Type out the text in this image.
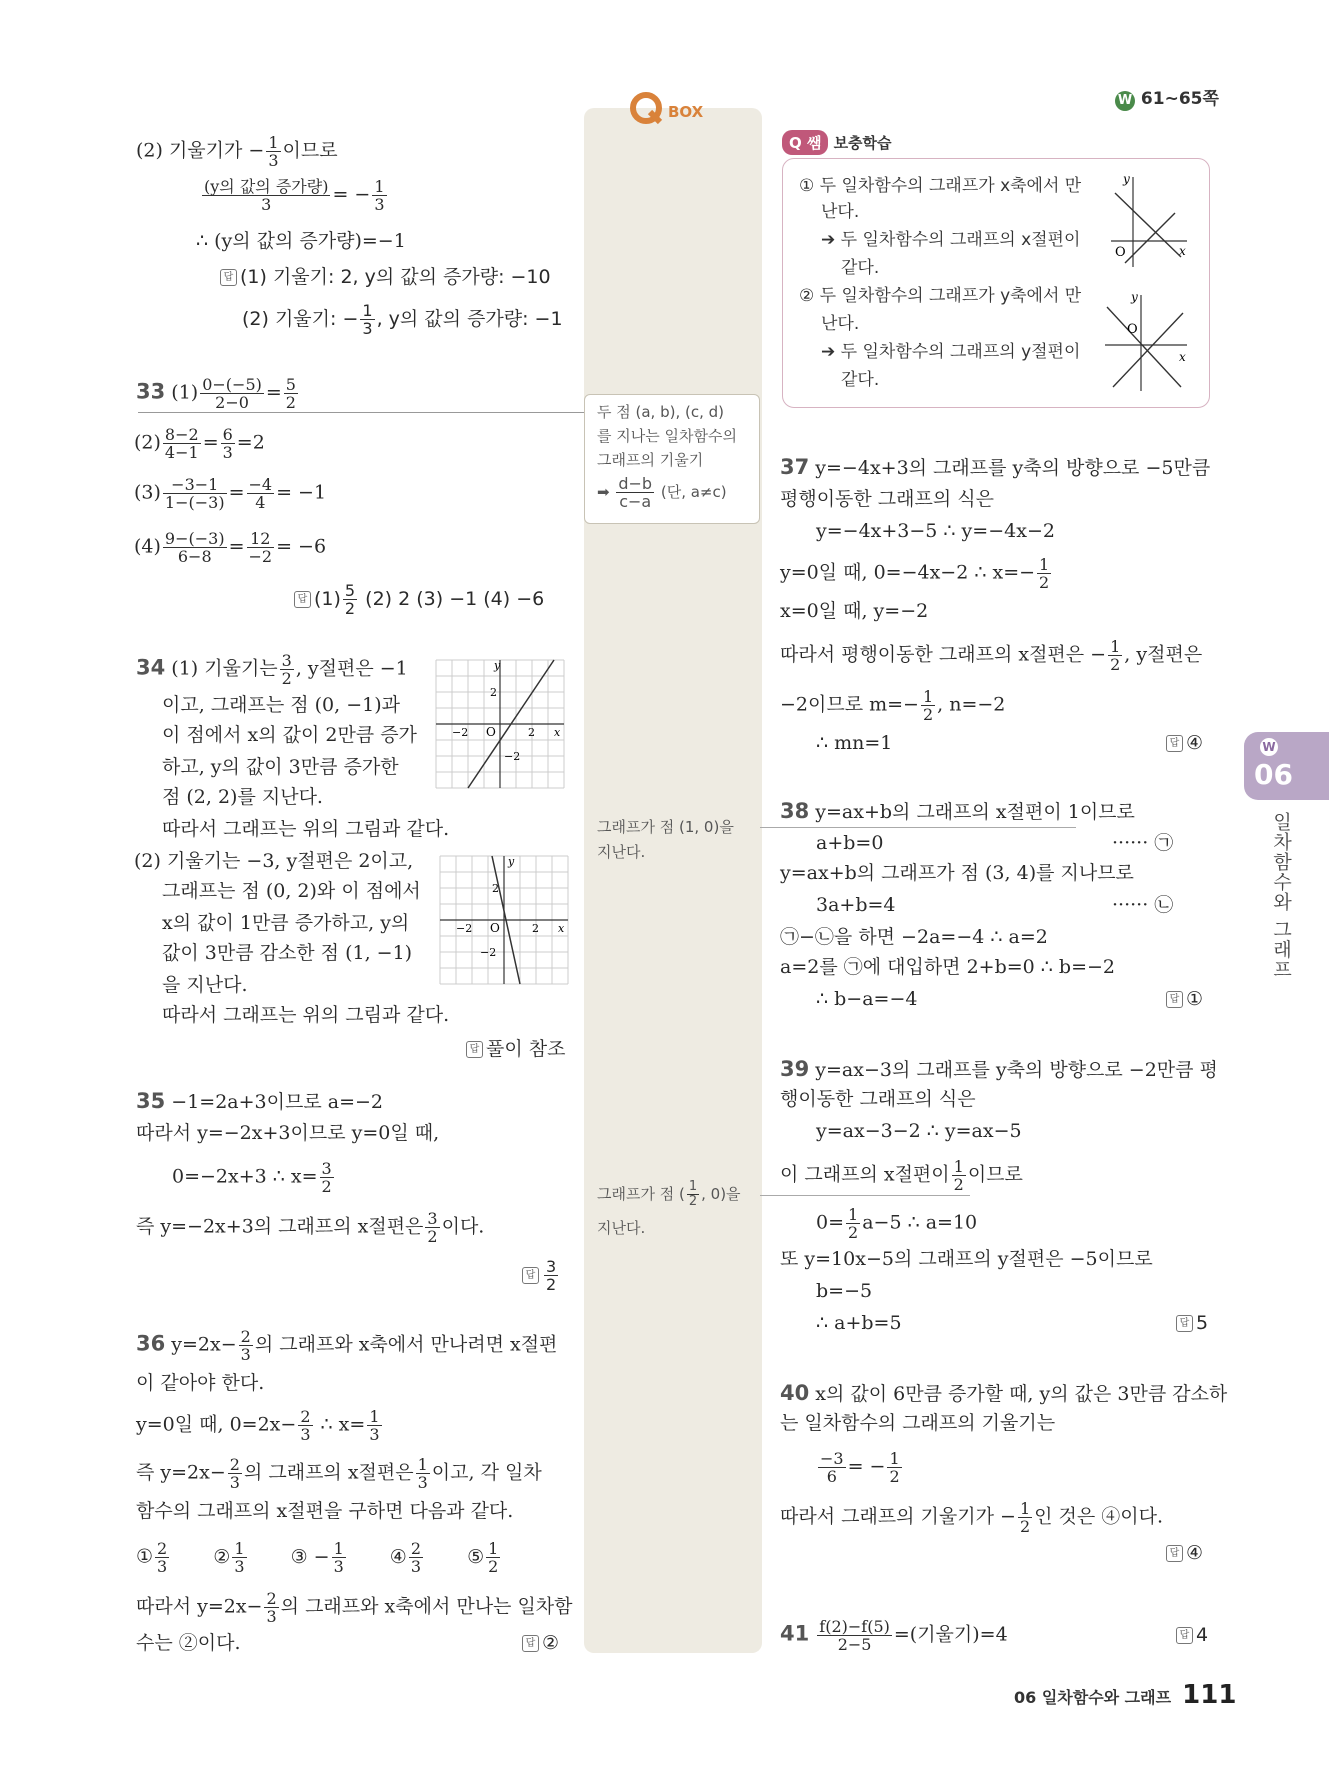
W 61~65쪽
BOX
두 점 (a, b), (c, d)
를 지나는 일차함수의
그래프의 기울기
➡ $\frac{d-b}{c-a}$ (단, a≠c)
그래프가 점 (1, 0)을
지난다.
그래프가 점 ( $\frac{1}{2}$ , 0)을
지난다.
Q 쌤 보충학습
① 두 일차함수의 그래프가 x축에서 만
난다.
➔ 두 일차함수의 그래프의 x절편이
같다.
② 두 일차함수의 그래프가 y축에서 만
난다.
➔ 두 일차함수의 그래프의 y절편이
같다.
O	x
y
O
x
y
W
06
일차함수와 그래프
(2) 기울기가 − $\frac{1}{3}$ 이므로
$\frac{\text{(y의 값의 증가량)}}{3}$ = − $\frac{1}{3}$
∴ (y의 값의 증가량)=−1
답 (1) 기울기: 2, y의 값의 증가량: −10
(2) 기울기: − $\frac{1}{3}$ , y의 값의 증가량: −1
33 $(1) \frac{0-(-5)}{2-0} = \frac{5}{2}$
$(2) \frac{8-2}{4-1} = \frac{6}{3} =2$
$(3) \frac{-3-1}{1-(-3)} = \frac{-4}{4} = -1$
$(4) \frac{9-(-3)}{6-8} = \frac{12}{-2} = -6$
답 $(1) \frac{5}{2} (2)$ 2 (3) −1 (4) −6
34 (1) 기울기는 $\frac{3}{2}$ , y절편은 −1
이고, 그래프는 점 (0, −1)과
이 점에서 x의 값이 2만큼 증가
하고, y의 값이 3만큼 증가한
점 (2, 2)를 지난다.
따라서 그래프는 위의 그림과 같다.
(2) 기울기는 −3, y절편은 2이고,
그래프는 점 (0, 2)와 이 점에서
x의 값이 1만큼 증가하고, y의
값이 3만큼 감소한 점 (1, −1)
을 지난다.
따라서 그래프는 위의 그림과 같다.
답 풀이 참조
y
x
O
−2	2
2
−2
y
x
O
−2	2
2
−2
35 −1=2a+3이므로 a=−2
따라서 y=−2x+3이므로 y=0일 때,
0=−2x+3 ∴ $x= \frac{3}{2}$
즉 y=−2x+3의 그래프의 x절편은 $\frac{3}{2}$ 이다.
답 $\frac{3}{2}$
36 $y=2x- \frac{2}{3}$ 의 그래프와 x축에서 만나려면 x절편
이 같아야 한다.
y=0일 때, $0=2x- \frac{2}{3}$ ∴ $x= \frac{1}{3}$
즉 $y=2x- \frac{2}{3}$ 의 그래프의 x절편은 $\frac{1}{3}$ 이고, 각 일차
함수의 그래프의 x절편을 구하면 다음과 같다.
① $\frac{2}{3}$ ② $\frac{1}{3}$ ③ − $\frac{1}{3}$ ④ $\frac{2}{3}$ ⑤ $\frac{1}{2}$
따라서 $y=2x- \frac{2}{3}$ 의 그래프와 x축에서 만나는 일차함
수는 ②이다.	답 ②
37 y=−4x+3의 그래프를 y축의 방향으로 −5만큼
평행이동한 그래프의 식은
y=−4x+3−5 ∴ y=−4x−2
y=0일 때, 0=−4x−2 ∴ $x=- \frac{1}{2}$
x=0일 때, y=−2
따라서 평행이동한 그래프의 x절편은 − $\frac{1}{2}$ , y절편은
−2이므로 $m=- \frac{1}{2}$ , n=−2
∴ mn=1	답 ④
38 y=ax+b의 그래프의 x절편이 1이므로
a+b=0	······ ㉠
y=ax+b의 그래프가 점 (3, 4)를 지나므로
3a+b=4	······ ㉡
㉠−㉡을 하면 −2a=−4 ∴ a=2
a=2를 ㉠에 대입하면 2+b=0 ∴ b=−2
∴ b−a=−4	답 ①
39 y=ax−3의 그래프를 y축의 방향으로 −2만큼 평
행이동한 그래프의 식은
y=ax−3−2 ∴ y=ax−5
이 그래프의 x절편이 $\frac{1}{2}$ 이므로
$0= \frac{1}{2} a-5$ ∴ a=10
또 y=10x−5의 그래프의 y절편은 −5이므로
b=−5
∴ a+b=5	답 5
40 x의 값이 6만큼 증가할 때, y의 값은 3만큼 감소하
는 일차함수의 그래프의 기울기는
$\frac{-3}{6}$ = − $\frac{1}{2}$
따라서 그래프의 기울기가 − $\frac{1}{2}$ 인 것은 ④이다.
답 ④
$41 \frac{f(2)-f(5)}{2-5}$ =(기울기)=4	답 4
06 일차함수와 그래프 111
